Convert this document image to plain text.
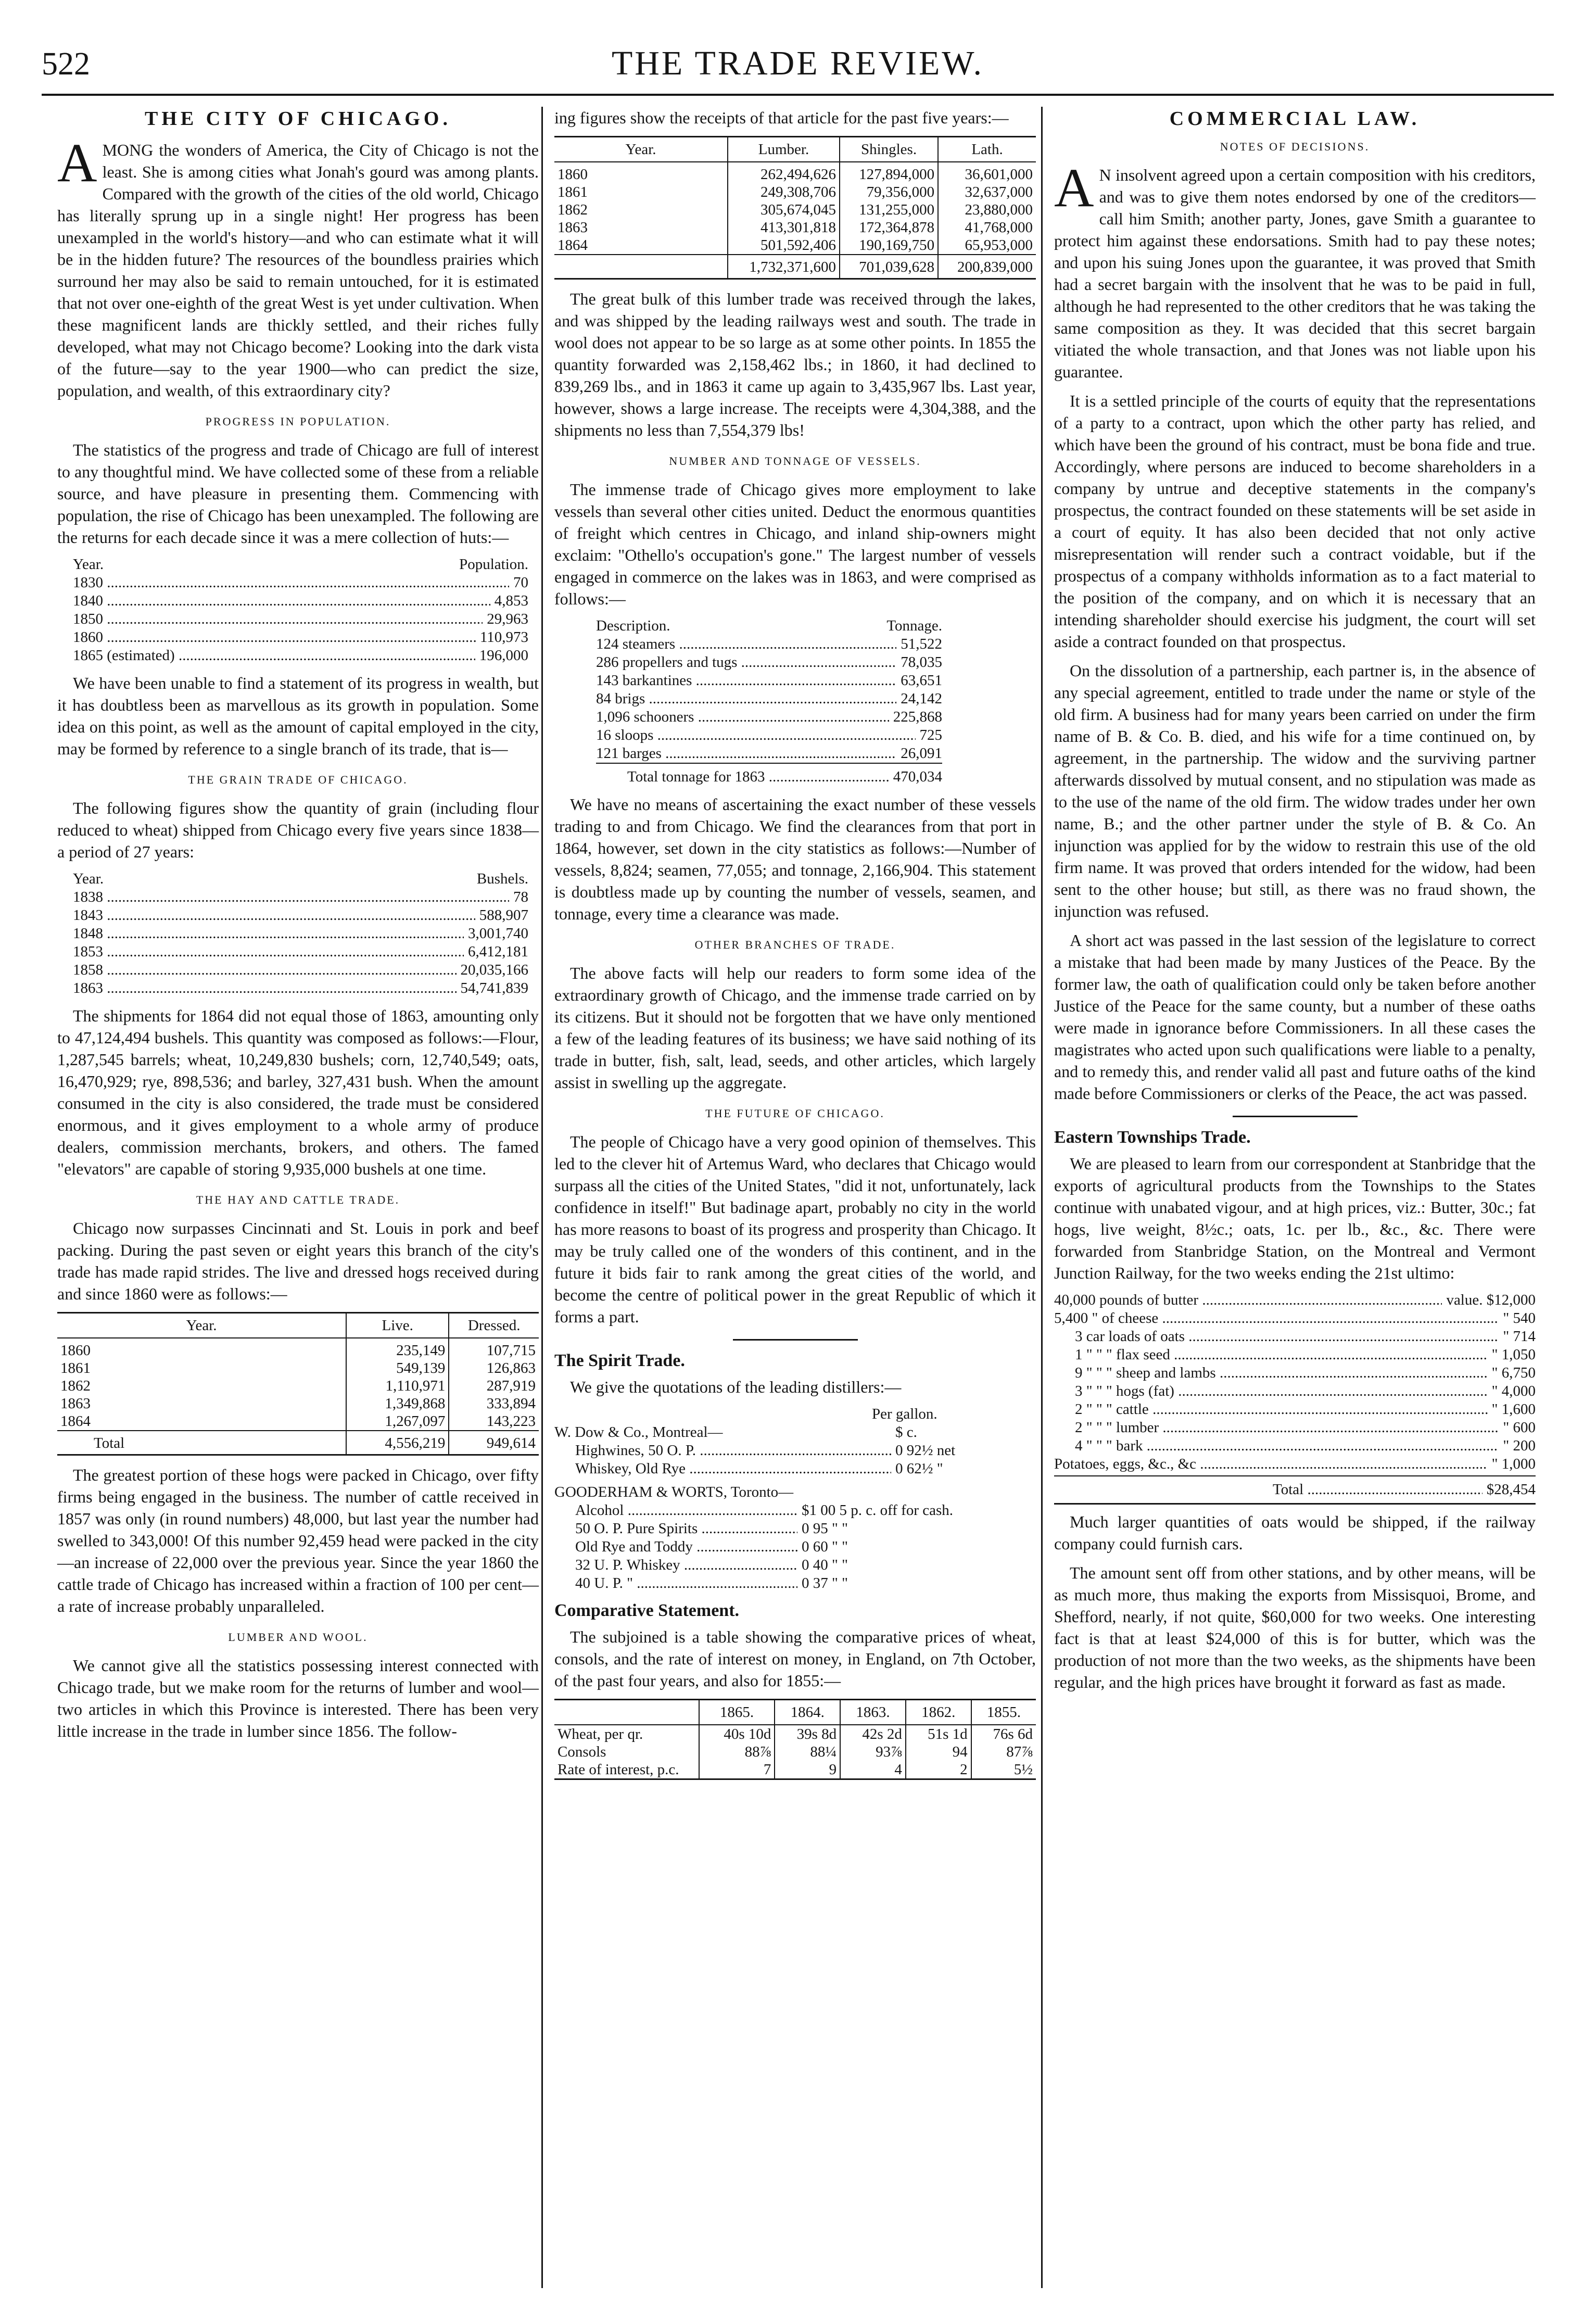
522	THE TRADE REVIEW.
THE CITY OF CHICAGO.

AMONG the wonders of America, the City of Chicago is not the least. She is among cities what Jonah's gourd was among plants. Compared with the growth of the cities of the old world, Chicago has literally sprung up in a single night! Her progress has been unexampled in the world's history—and who can estimate what it will be in the hidden future? The resources of the boundless prairies which surround her may also be said to remain untouched, for it is estimated that not over one-eighth of the great West is yet under cultivation. When these magnificent lands are thickly settled, and their riches fully developed, what may not Chicago become? Looking into the dark vista of the future—say to the year 1900—who can predict the size, population, and wealth, of this extraordinary city?

PROGRESS IN POPULATION.

The statistics of the progress and trade of Chicago are full of interest to any thoughtful mind. We have collected some of these from a reliable source, and have pleasure in presenting them. Commencing with population, the rise of Chicago has been unexampled. The following are the returns for each decade since it was a mere collection of huts:—

Year.	Population.
1830 .....	70
1840 .....	4,853
1850 .....	29,963
1860 .....	110,973
1865 (estimated) .....	196,000

We have been unable to find a statement of its progress in wealth, but it has doubtless been as marvellous as its growth in population. Some idea on this point, as well as the amount of capital employed in the city, may be formed by reference to a single branch of its trade, that is—

THE GRAIN TRADE OF CHICAGO.

The following figures show the quantity of grain (including flour reduced to wheat) shipped from Chicago every five years since 1838—a period of 27 years:

Year.	Bushels.
1838 .....	78
1843 .....	588,907
1848 .....	3,001,740
1853 .....	6,412,181
1858 .....	20,035,166
1863 .....	54,741,839

The shipments for 1864 did not equal those of 1863, amounting only to 47,124,494 bushels. This quantity was composed as follows:—Flour, 1,287,545 barrels; wheat, 10,249,830 bushels; corn, 12,740,549; oats, 16,470,929; rye, 898,536; and barley, 327,431 bush. When the amount consumed in the city is also considered, the trade must be considered enormous, and it gives employment to a whole army of produce dealers, commission merchants, brokers, and others. The famed "elevators" are capable of storing 9,935,000 bushels at one time.

THE HAY AND CATTLE TRADE.

Chicago now surpasses Cincinnati and St. Louis in pork and beef packing. During the past seven or eight years this branch of the city's trade has made rapid strides. The live and dressed hogs received during and since 1860 were as follows:—

Year.	Live.	Dressed.

1860	235,149	107,715
1861	549,139	126,863
1862	1,110,971	287,919
1863	1,349,868	333,894
1864	1,267,097	143,223
Total	4,556,219	949,614

The greatest portion of these hogs were packed in Chicago, over fifty firms being engaged in the business. The number of cattle received in 1857 was only (in round numbers) 48,000, but last year the number had swelled to 343,000! Of this number 92,459 head were packed in the city—an increase of 22,000 over the previous year. Since the year 1860 the cattle trade of Chicago has increased within a fraction of 100 per cent—a rate of increase probably unparalleled.

LUMBER AND WOOL.

We cannot give all the statistics possessing interest connected with Chicago trade, but we make room for the returns of lumber and wool—two articles in which this Province is interested. There has been very little increase in the trade in lumber since 1856. The follow-

ing figures show the receipts of that article for the past five years:—

Year.	Lumber.	Shingles.	Lath.

1860	262,494,626	127,894,000	36,601,000
1861	249,308,706	79,356,000	32,637,000
1862	305,674,045	131,255,000	23,880,000
1863	413,301,818	172,364,878	41,768,000
1864	501,592,406	190,169,750	65,953,000
	1,732,371,600	701,039,628	200,839,000

The great bulk of this lumber trade was received through the lakes, and was shipped by the leading railways west and south. The trade in wool does not appear to be so large as at some other points. In 1855 the quantity forwarded was 2,158,462 lbs.; in 1860, it had declined to 839,269 lbs., and in 1863 it came up again to 3,435,967 lbs. Last year, however, shows a large increase. The receipts were 4,304,388, and the shipments no less than 7,554,379 lbs!

NUMBER AND TONNAGE OF VESSELS.

The immense trade of Chicago gives more employment to lake vessels than several other cities united. Deduct the enormous quantities of freight which centres in Chicago, and inland ship-owners might exclaim: "Othello's occupation's gone." The largest number of vessels engaged in commerce on the lakes was in 1863, and were comprised as follows:—

Description.	Tonnage.
124 steamers .....	51,522
286 propellers and tugs .....	78,035
143 barkantines .....	63,651
84 brigs .....	24,142
1,096 schooners .....	225,868
16 sloops .....	725
121 barges .....	26,091
Total tonnage for 1863 .....	470,034

We have no means of ascertaining the exact number of these vessels trading to and from Chicago. We find the clearances from that port in 1864, however, set down in the city statistics as follows:—Number of vessels, 8,824; seamen, 77,055; and tonnage, 2,166,904. This statement is doubtless made up by counting the number of vessels, seamen, and tonnage, every time a clearance was made.

OTHER BRANCHES OF TRADE.

The above facts will help our readers to form some idea of the extraordinary growth of Chicago, and the immense trade carried on by its citizens. But it should not be forgotten that we have only mentioned a few of the leading features of its business; we have said nothing of its trade in butter, fish, salt, lead, seeds, and other articles, which largely assist in swelling up the aggregate.

THE FUTURE OF CHICAGO.

The people of Chicago have a very good opinion of themselves. This led to the clever hit of Artemus Ward, who declares that Chicago would surpass all the cities of the United States, "did it not, unfortunately, lack confidence in itself!" But badinage apart, probably no city in the world has more reasons to boast of its progress and prosperity than Chicago. It may be truly called one of the wonders of this continent, and in the future it bids fair to rank among the great cities of the world, and become the centre of political power in the great Republic of which it forms a part.

The Spirit Trade.

We give the quotations of the leading distillers:—

Per gallon.
W. Dow & Co., Montreal—	$ c.
Highwines, 50 O. P. .....	0 92½ net
Whiskey, Old Rye .....	0 62½ "
GOODERHAM & WORTS, Toronto—
Alcohol .....	$1 00 5 p. c. off for cash.
50 O. P. Pure Spirits .....	0 95 " "
Old Rye and Toddy .....	0 60 " "
32 U. P. Whiskey .....	0 40 " "
40 U. P. " .....	0 37 " "
Comparative Statement.

The subjoined is a table showing the comparative prices of wheat, consols, and the rate of interest on money, in England, on 7th October, of the past four years, and also for 1855:—

	1865.	1864.	1863.	1862.	1855.
Wheat, per qr.	40s 10d	39s 8d	42s 2d	51s 1d	76s 6d
Consols	88⅞	88¼	93⅞	94	87⅞
Rate of interest, p.c.	7	9	4	2	5½
COMMERCIAL LAW.
NOTES OF DECISIONS.

AN insolvent agreed upon a certain composition with his creditors, and was to give them notes endorsed by one of the creditors—call him Smith; another party, Jones, gave Smith a guarantee to protect him against these endorsations. Smith had to pay these notes; and upon his suing Jones upon the guarantee, it was proved that Smith had a secret bargain with the insolvent that he was to be paid in full, although he had represented to the other creditors that he was taking the same composition as they. It was decided that this secret bargain vitiated the whole transaction, and that Jones was not liable upon his guarantee.

It is a settled principle of the courts of equity that the representations of a party to a contract, upon which the other party has relied, and which have been the ground of his contract, must be bona fide and true. Accordingly, where persons are induced to become shareholders in a company by untrue and deceptive statements in the company's prospectus, the contract founded on these statements will be set aside in a court of equity. It has also been decided that not only active misrepresentation will render such a contract voidable, but if the prospectus of a company withholds information as to a fact material to the position of the company, and on which it is necessary that an intending shareholder should exercise his judgment, the court will set aside a contract founded on that prospectus.

On the dissolution of a partnership, each partner is, in the absence of any special agreement, entitled to trade under the name or style of the old firm. A business had for many years been carried on under the firm name of B. & Co. B. died, and his wife for a time continued on, by agreement, in the partnership. The widow and the surviving partner afterwards dissolved by mutual consent, and no stipulation was made as to the use of the name of the old firm. The widow trades under her own name, B.; and the other partner under the style of B. & Co. An injunction was applied for by the widow to restrain this use of the old firm name. It was proved that orders intended for the widow, had been sent to the other house; but still, as there was no fraud shown, the injunction was refused.

A short act was passed in the last session of the legislature to correct a mistake that had been made by many Justices of the Peace. By the former law, the oath of qualification could only be taken before another Justice of the Peace for the same county, but a number of these oaths were made in ignorance before Commissioners. In all these cases the magistrates who acted upon such qualifications were liable to a penalty, and to remedy this, and render valid all past and future oaths of the kind made before Commissioners or clerks of the Peace, the act was passed.

Eastern Townships Trade.

We are pleased to learn from our correspondent at Stanbridge that the exports of agricultural products from the Townships to the States continue with unabated vigour, and at high prices, viz.: Butter, 30c.; fat hogs, live weight, 8½c.; oats, 1c. per lb., &c., &c. There were forwarded from Stanbridge Station, on the Montreal and Vermont Junction Railway, for the two weeks ending the 21st ultimo:

40,000 pounds of butter .....	value. $12,000
5,400 " of cheese .....	" 540
3 car loads of oats .....	" 714
1 " " " flax seed .....	" 1,050
9 " " " sheep and lambs .....	" 6,750
3 " " " hogs (fat) .....	" 4,000
2 " " " cattle .....	" 1,600
2 " " " lumber .....	" 600
4 " " " bark .....	" 200
Potatoes, eggs, &c., &c .....	" 1,000
Total .....	$28,454

Much larger quantities of oats would be shipped, if the railway company could furnish cars.

The amount sent off from other stations, and by other means, will be as much more, thus making the exports from Missisquoi, Brome, and Shefford, nearly, if not quite, $60,000 for two weeks. One interesting fact is that at least $24,000 of this is for butter, which was the production of not more than the two weeks, as the shipments have been regular, and the high prices have brought it forward as fast as made.
